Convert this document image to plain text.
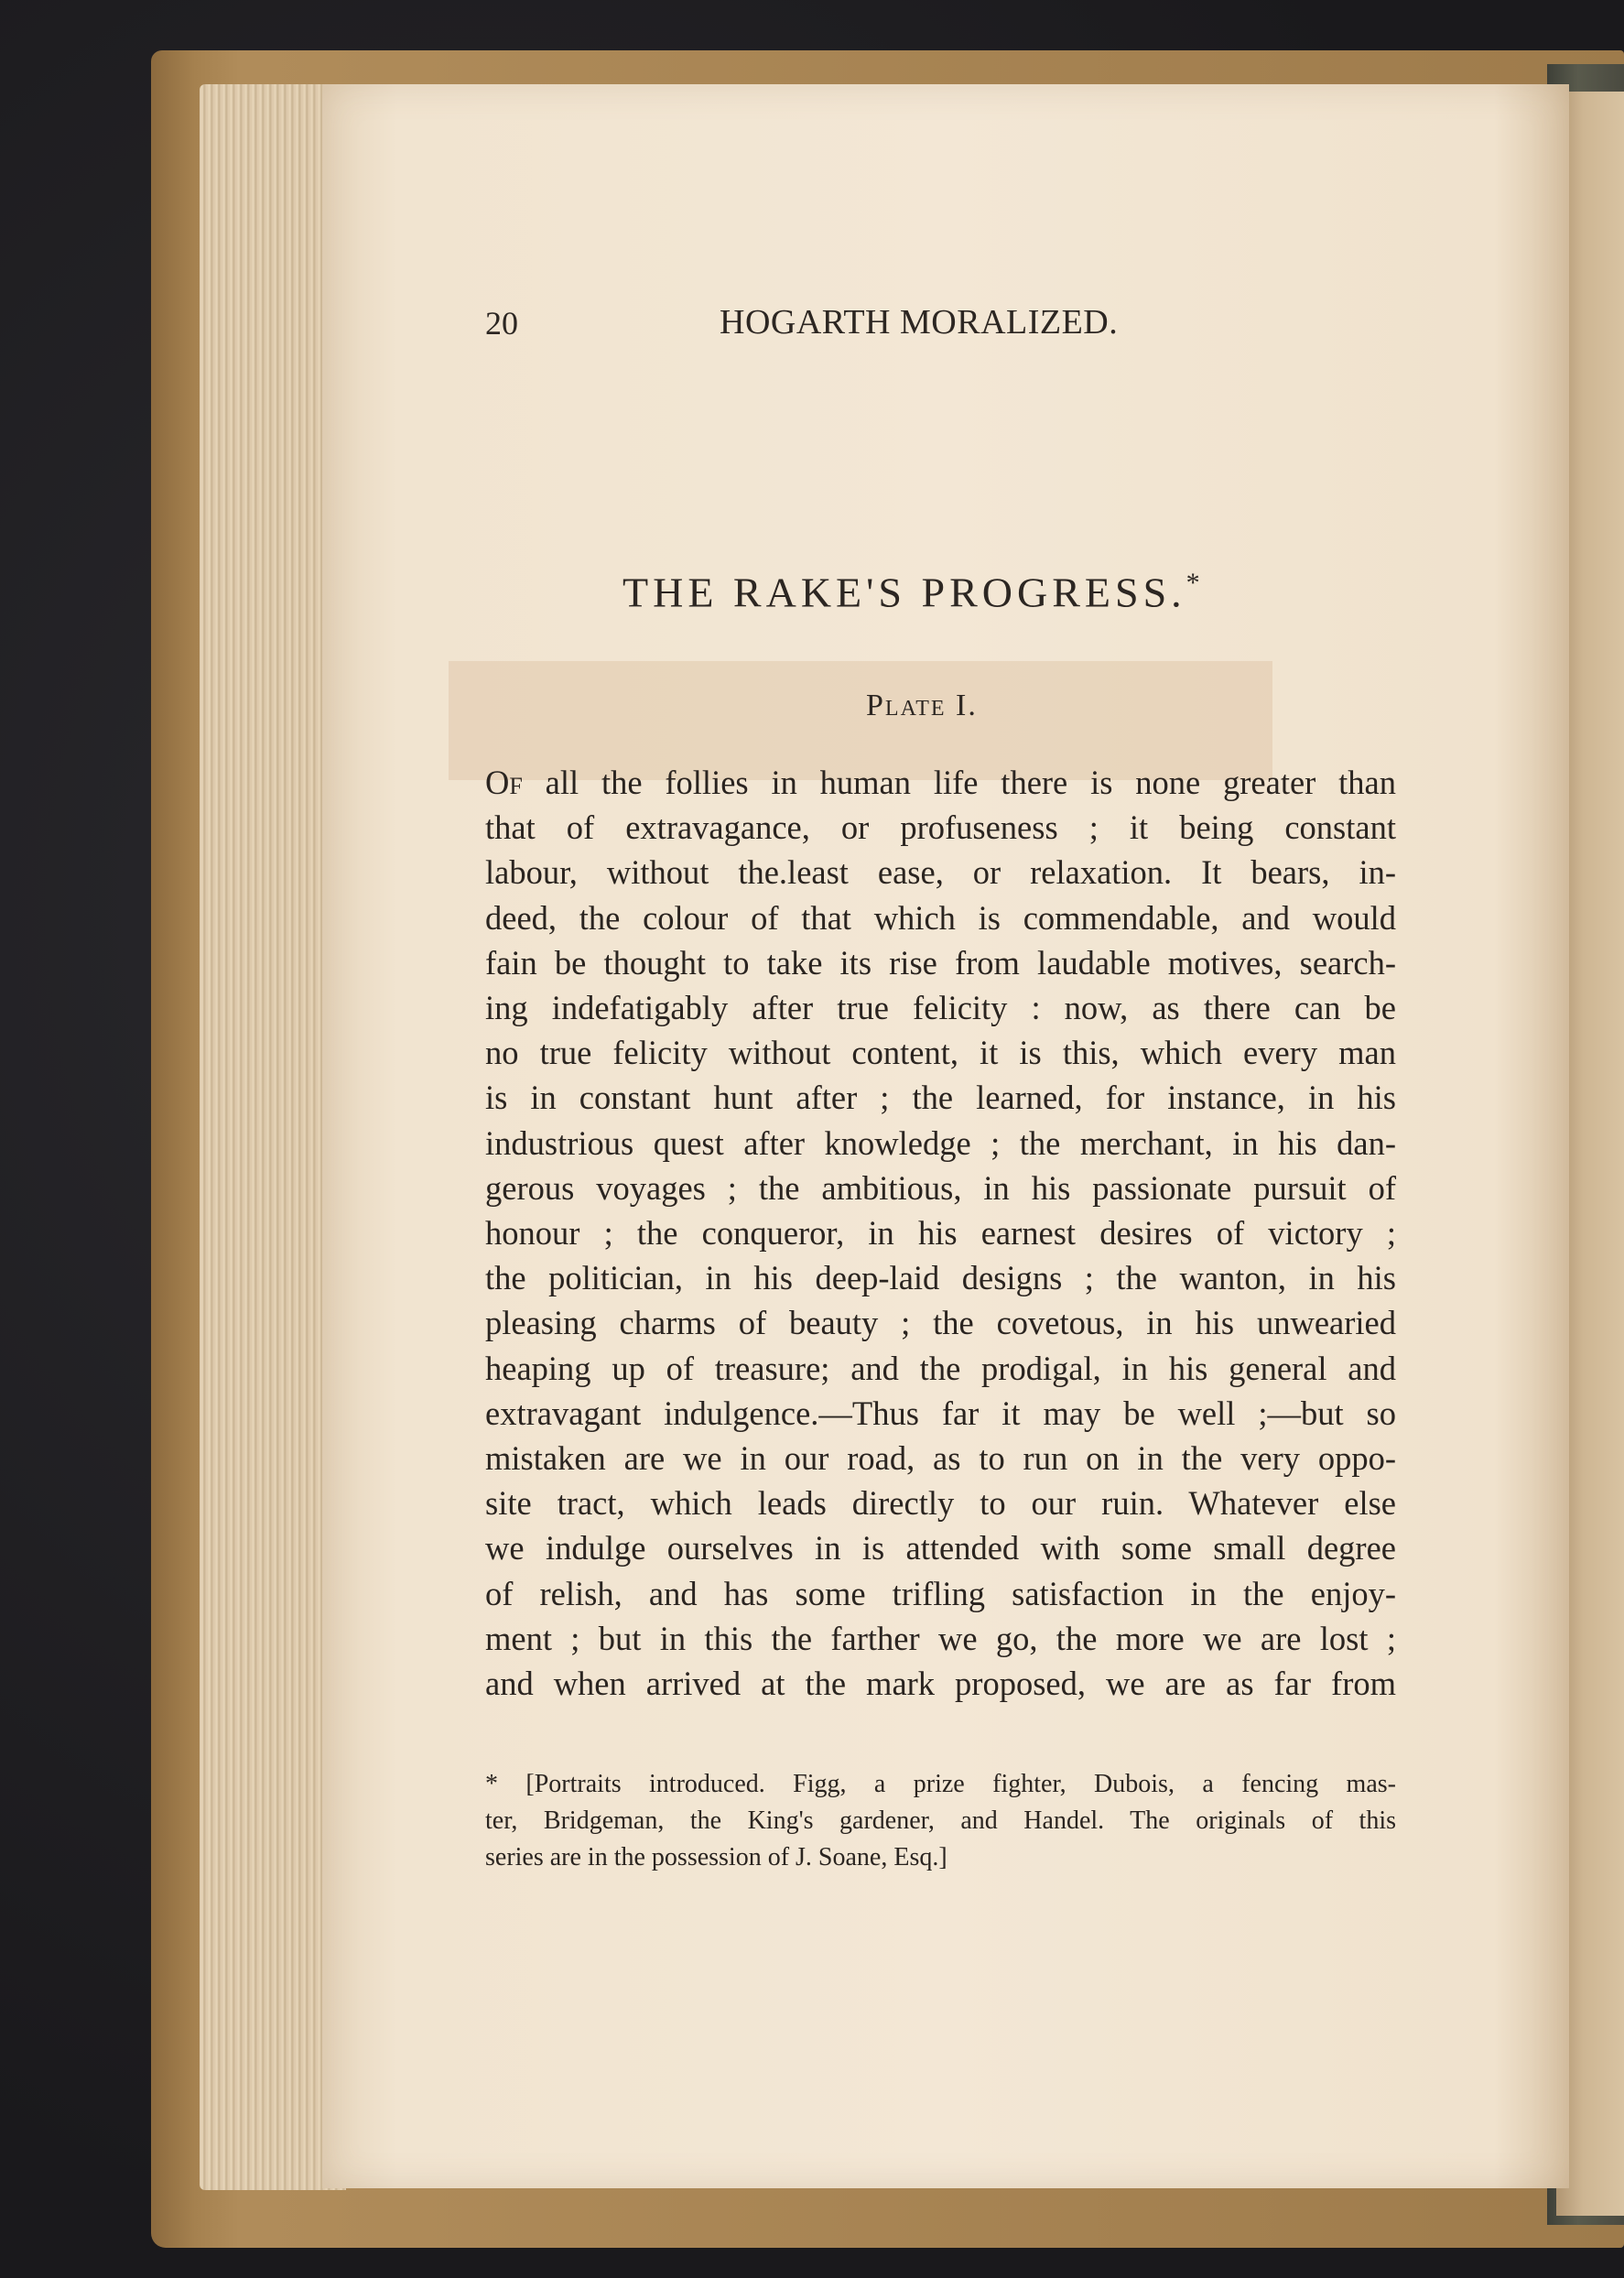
20	HOGARTH MORALIZED.
THE RAKE'S PROGRESS.*
Plate I.
Of all the follies in human life there is none greater than
that of extravagance, or profuseness ; it being constant
labour, without the.least ease, or relaxation. It bears, in-
deed, the colour of that which is commendable, and would
fain be thought to take its rise from laudable motives, search-
ing indefatigably after true felicity : now, as there can be
no true felicity without content, it is this, which every man
is in constant hunt after ; the learned, for instance, in his
industrious quest after knowledge ; the merchant, in his dan-
gerous voyages ; the ambitious, in his passionate pursuit of
honour ; the conqueror, in his earnest desires of victory ;
the politician, in his deep-laid designs ; the wanton, in his
pleasing charms of beauty ; the covetous, in his unwearied
heaping up of treasure; and the prodigal, in his general and
extravagant indulgence.—Thus far it may be well ;—but so
mistaken are we in our road, as to run on in the very oppo-
site tract, which leads directly to our ruin. Whatever else
we indulge ourselves in is attended with some small degree
of relish, and has some trifling satisfaction in the enjoy-
ment ; but in this the farther we go, the more we are lost ;
and when arrived at the mark proposed, we are as far from
* [Portraits introduced. Figg, a prize fighter, Dubois, a fencing mas-
ter, Bridgeman, the King's gardener, and Handel. The originals of this
series are in the possession of J. Soane, Esq.]
